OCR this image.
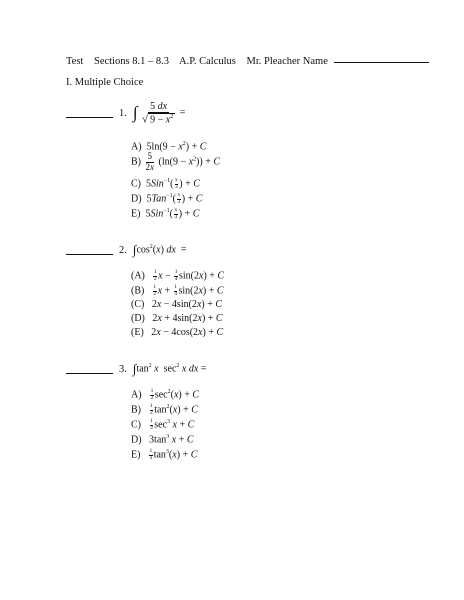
Test Sections 8.1 – 8.3 A.P. Calculus Mr. Pleacher Name
I. Multiple Choice
1. ∫ $\frac{5 dx}{√ 9 - x^2}$ =
A)  $5\ln(9 - x^2) + C$
$B) \frac{5}{2x} (\ln(9 - x^2)) + C$
C)  $5Sin^{-1}( \frac{x}{3}$ ) + C
D)  $5Tan^{-1}( \frac{x}{3}$ ) + C
E)  $5Sin^{-1}( \frac{x}{3}$ ) + C
2. $\int\cos^2(x)$ dx  =
$(A) \frac{1}{2}$ $x - \frac{1}{4} \sin(2x) + C$
$(B) \frac{1}{2}$ $x + \frac{1}{4} \sin(2x) + C$
(C)   2x − 4sin(2x) + C
(D)   2x + 4sin(2x) + C
(E)   2x − 4cos(2x) + C
3. $\int\tan^2$ x  $\sec^2 x$ dx =
$A) \frac{1}{2} \sec^2(x) + C$
$B) \frac{1}{2} \tan^2(x) + C$
$C) \frac{1}{3} \sec^3 x + C$
D)   $3\tan^3$ x + C
$E) \frac{1}{3} \tan^3(x) + C$
